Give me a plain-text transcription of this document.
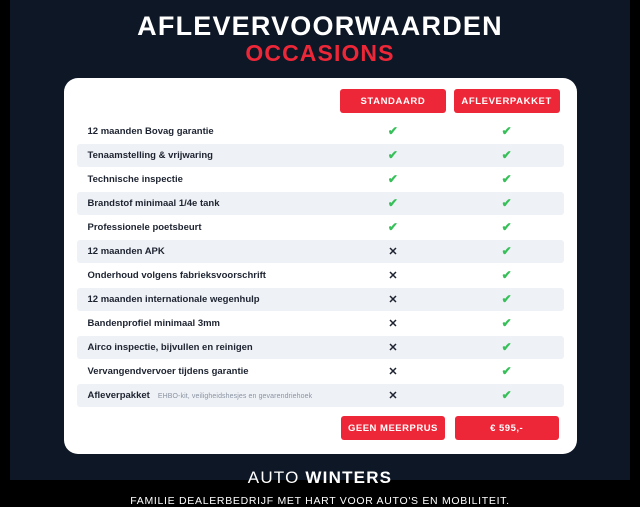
AFLEVERVOORWAARDEN
OCCASIONS

	STANDAARD	AFLEVERPAKKET

12 maanden Bovag garantie	✔	✔
Tenaamstelling & vrijwaring	✔	✔
Technische inspectie	✔	✔
Brandstof minimaal 1/4e tank	✔	✔
Professionele poetsbeurt	✔	✔
12 maanden APK	✕	✔
Onderhoud volgens fabrieksvoorschrift	✕	✔
12 maanden internationale wegenhulp	✕	✔
Bandenprofiel minimaal 3mm	✕	✔
Airco inspectie, bijvullen en reinigen	✕	✔
Vervangendvervoer tijdens garantie	✕	✔
Afleverpakket EHBO-kit, veiligheidshesjes en gevarendriehoek	✕	✔

	GEEN MEERPRUS	€ 595,-
AUTO WINTERS
FAMILIE DEALERBEDRIJF MET HART VOOR AUTO'S EN MOBILITEIT.
